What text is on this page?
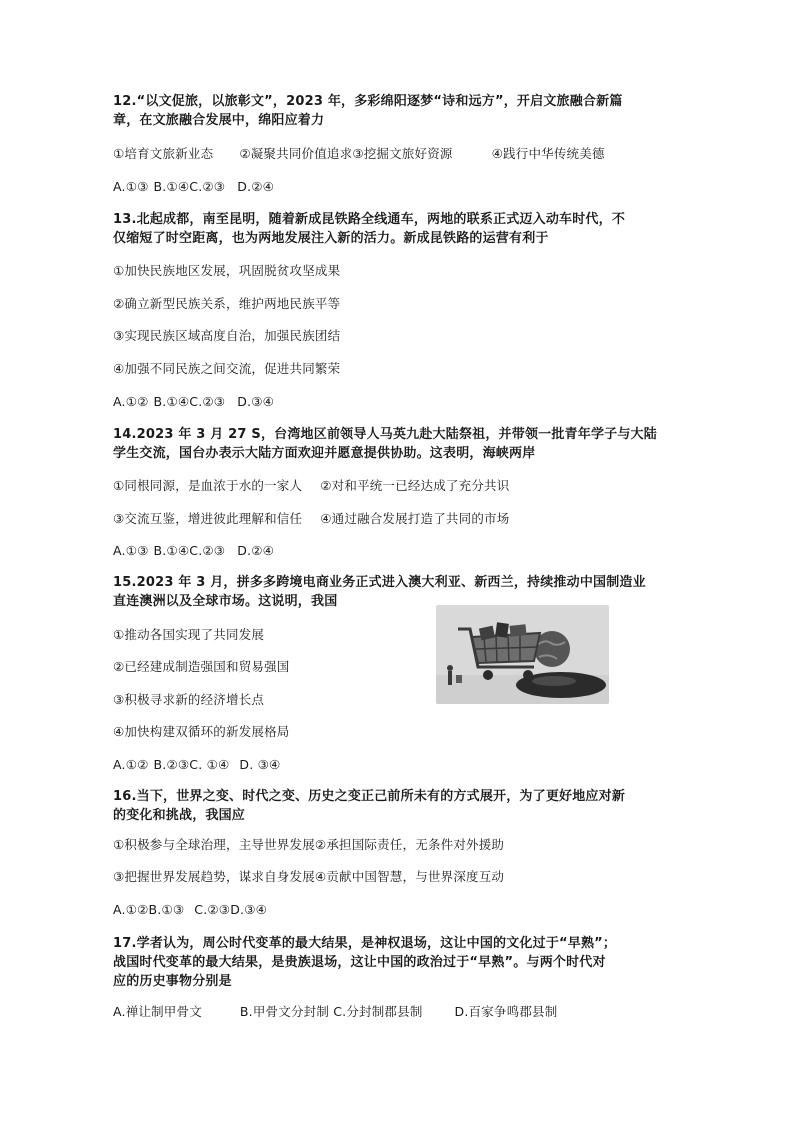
12.“以文促旅，以旅彰文”，2023 年，多彩绵阳逐梦“诗和远方”，开启文旅融合新篇
章，在文旅融合发展中，绵阳应着力
①培育文旅新业态 ②凝聚共同价值追求③挖掘文旅好资源	④践行中华传统美德
A.①③ B.①④C.②③ D.②④
13.北起成都，南至昆明，随着新成昆铁路全线通车，两地的联系正式迈入动车时代，不
仅缩短了时空距离，也为两地发展注入新的活力。新成昆铁路的运营有利于
①加快民族地区发展，巩固脱贫攻坚成果
②确立新型民族关系，维护两地民族平等
③实现民族区域高度自治，加强民族团结
④加强不同民族之间交流，促进共同繁荣
A.①② B.①④C.②③ D.③④
14.2023 年 3 月 27 S，台湾地区前领导人马英九赴大陆祭祖，并带领一批青年学子与大陆
学生交流，国台办表示大陆方面欢迎并愿意提供协助。这表明，海峡两岸
①同根同源，是血浓于水的一家人 ②对和平统一已经达成了充分共识
③交流互鉴，增进彼此理解和信任 ④通过融合发展打造了共同的市场
A.①③ B.①④C.②③ D.②④
15.2023 年 3 月，拼多多跨境电商业务正式进入澳大利亚、新西兰，持续推动中国制造业
直连澳洲以及全球市场。这说明，我国
①推动各国实现了共同发展
②已经建成制造强国和贸易强国
③积极寻求新的经济增长点
④加快构建双循环的新发展格局
A.①② B.②③C. ①④ D. ③④
16.当下，世界之变、时代之变、历史之变正己前所未有的方式展开，为了更好地应对新
的变化和挑战，我国应
①积极参与全球治理，主导世界发展②承担国际责任，无条件对外援助
③把握世界发展趋势，谋求自身发展④贡献中国智慧，与世界深度互动
A.①②B.①③ C.②③D.③④
17.学者认为，周公时代变革的最大结果，是神权退场，这让中国的文化过于“早熟”；
战国时代变革的最大结果，是贵族退场，这让中国的政治过于“早熟”。与两个时代对
应的历史事物分别是
A.禅让制甲骨文	B.甲骨文分封制 C.分封制郡县制	D.百家争鸣郡县制
